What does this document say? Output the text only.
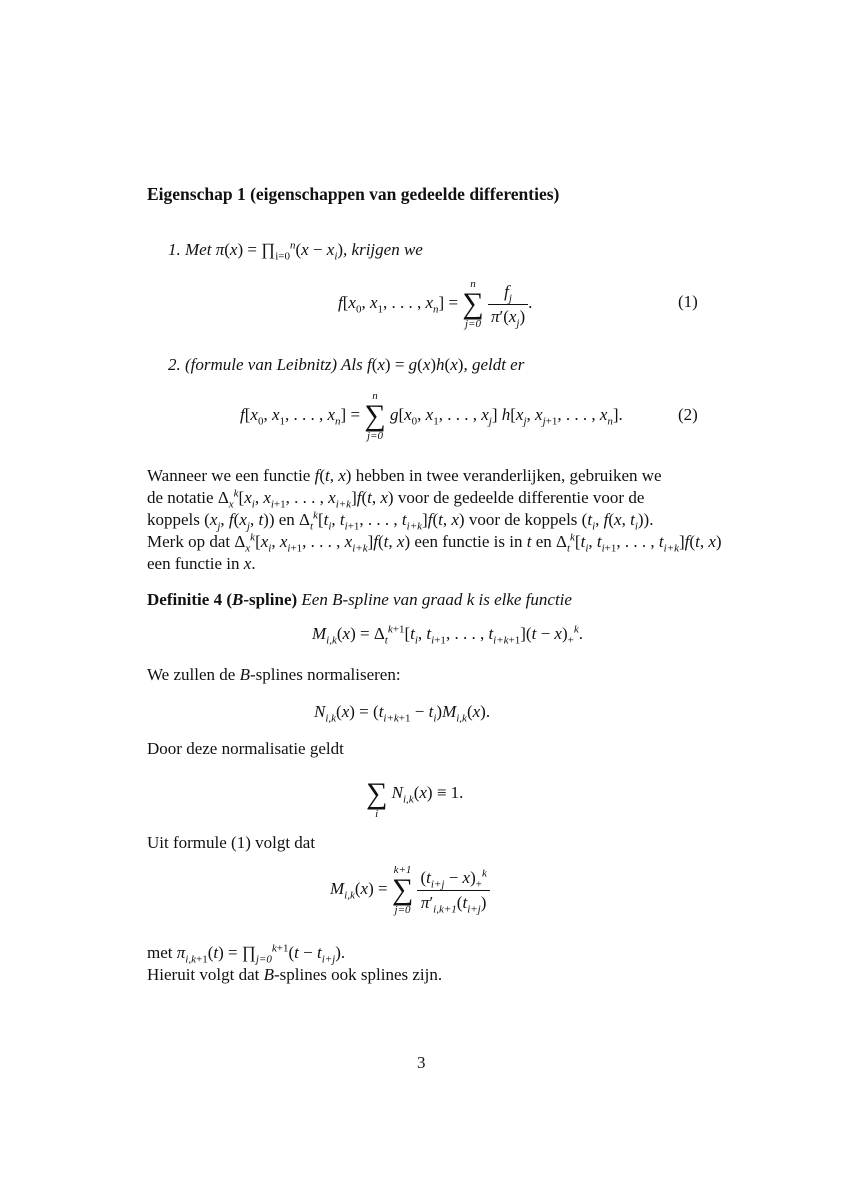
Eigenschap 1 (eigenschappen van gedeelde differenties)
1. Met $\pi(x) = \prod_{i=0}^n(x - x_i)$, krijgen we
$f[x_0$, $x_1$, . . . , $x_n$] =
n
∑
j=0
$\frac{f_j}{\pi'(x_j)}$ .	(1)
2. (formule van Leibnitz) Als f(x) = g(x)h(x), geldt er
$f[x_0$, $x_1$, . . . , $x_n$] =
n
∑
j=0
$g[x_0$, $x_1$, . . . , $x_j$] $h[x_j$, $x_{j+1}$, . . . , $x_n$].	(2)
Wanneer we een functie f(t, x) hebben in twee veranderlijken, gebruiken we
de notatie $\Delta_x^k[x_i$, $x_{i+1}$, . . . , $x_{i+k}]f(t$, x) voor de gedeelde differentie voor de
koppels ($x_j$, $f(x_j$, t)) en $\Delta_t^k[t_i$, $t_{i+1}$, . . . , $t_{i+k}]f(t$, x) voor de koppels ($t_i$, f(x, $t_i$)).
Merk op dat $\Delta_x^k[x_i$, $x_{i+1}$, . . . , $x_{i+k}]f(t$, x) een functie is in t en $\Delta_t^k[t_i$, $t_{i+1}$, . . . , $t_{i+k}]f(t$, x)
een functie in x.
Definitie 4 (B-spline) Een B-spline van graad k is elke functie
$M_{i,k}(x) = \Delta_t^{k+1}[t_i$, $t_{i+1}$, . . . , $t_{i+k+1}](t - x)_+^k$.
We zullen de B-splines normaliseren:
$N_{i,k}(x) = (t_{i+k+1} - t_i)M_{i,k}(x)$.
Door deze normalisatie geldt

∑
i
$N_{i,k}(x) \equiv 1$.
Uit formule (1) volgt dat
$M_{i,k}(x)$ =
k+1
∑
j=0
$\frac{(t_{i+j} - x)_+^k}{\pi'_{i,k+1}(t_{i+j})}$
met $\pi_{i,k+1}(t)$ = $\prod_{j=0}^{k+1}(t - t_{i+j})$.
Hieruit volgt dat B-splines ook splines zijn.
3
